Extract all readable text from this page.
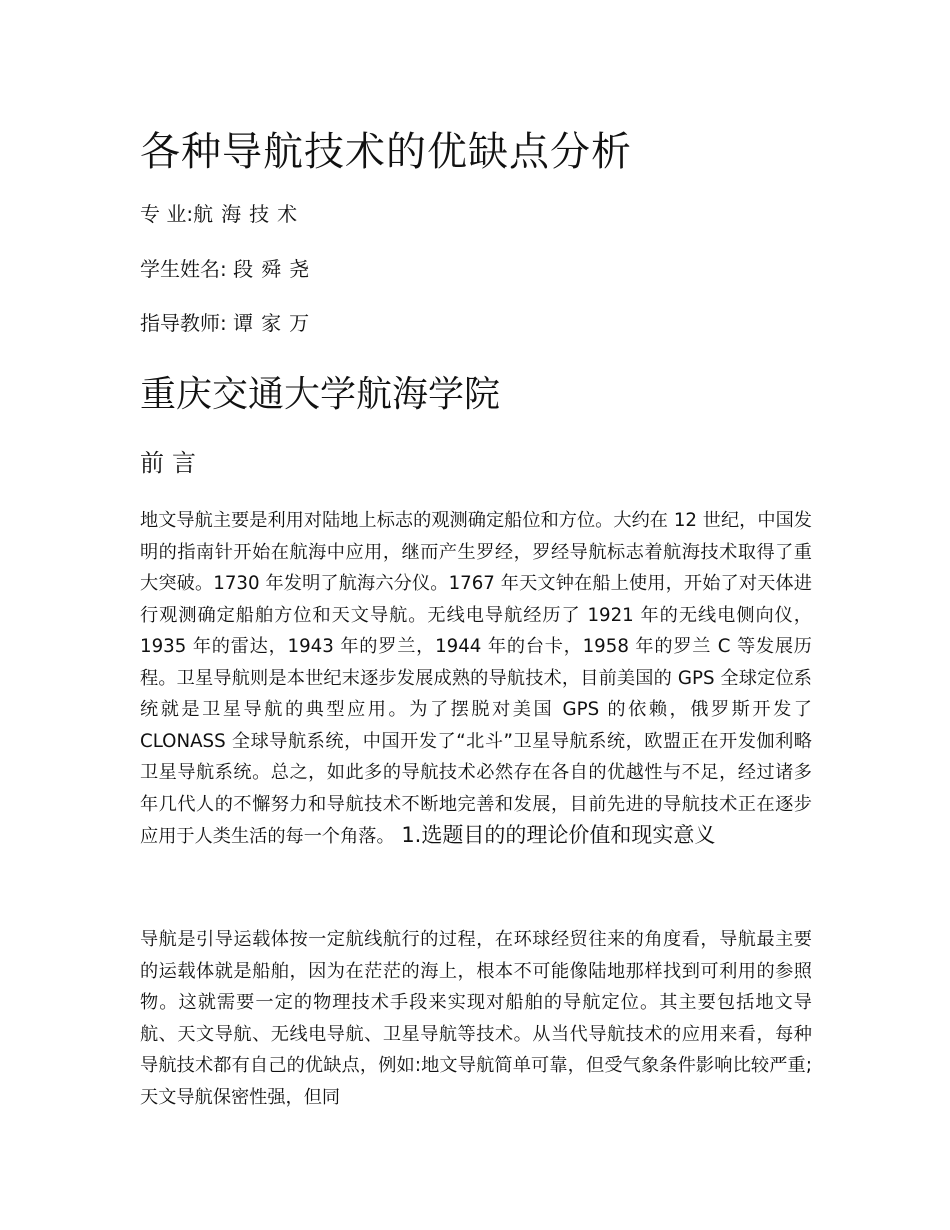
各种导航技术的优缺点分析

专 业:航海技术

学生姓名: 段舜尧

指导教师: 谭家万

重庆交通大学航海学院
前言

地文导航主要是利用对陆地上标志的观测确定船位和方位。大约在 12 世纪，中国发明的指南针开始在航海中应用，继而产生罗经，罗经导航标志着航海技术取得了重大突破。1730 年发明了航海六分仪。1767 年天文钟在船上使用，开始了对天体进行观测确定船舶方位和天文导航。无线电导航经历了 1921 年的无线电侧向仪，1935 年的雷达，1943 年的罗兰，1944 年的台卡，1958 年的罗兰 C 等发展历程。卫星导航则是本世纪末逐步发展成熟的导航技术，目前美国的 GPS 全球定位系统就是卫星导航的典型应用。为了摆脱对美国 GPS 的依赖，俄罗斯开发了 CLONASS 全球导航系统，中国开发了“北斗”卫星导航系统，欧盟正在开发伽利略卫星导航系统。总之，如此多的导航技术必然存在各自的优越性与不足，经过诸多年几代人的不懈努力和导航技术不断地完善和发展，目前先进的导航技术正在逐步应用于人类生活的每一个角落。 1.选题目的的理论价值和现实意义

导航是引导运载体按一定航线航行的过程，在环球经贸往来的角度看，导航最主要的运载体就是船舶，因为在茫茫的海上，根本不可能像陆地那样找到可利用的参照物。这就需要一定的物理技术手段来实现对船舶的导航定位。其主要包括地文导航、天文导航、无线电导航、卫星导航等技术。从当代导航技术的应用来看，每种导航技术都有自己的优缺点，例如:地文导航简单可靠，但受气象条件影响比较严重;天文导航保密性强，但同
